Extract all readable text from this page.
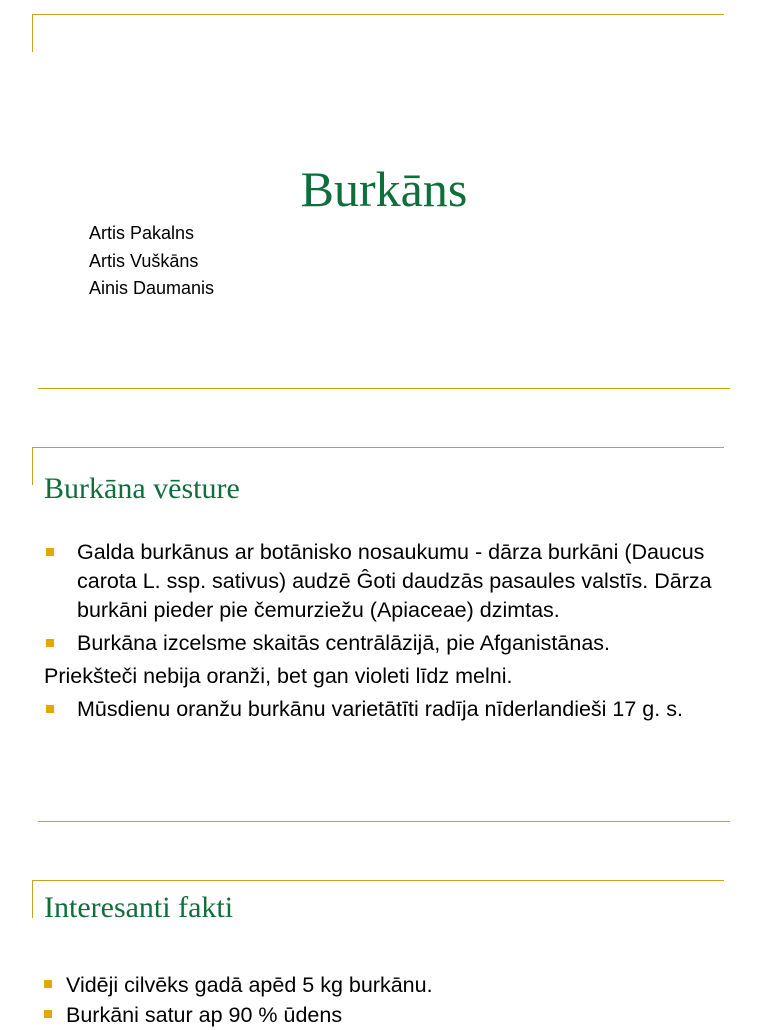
Burkāns
Artis Pakalns
Artis Vuškāns
Ainis Daumanis
Burkāna vēsture
Galda burkānus ar botānisko nosaukumu - dārza burkāni (Daucus carota L. ssp. sativus) audzē Ĝoti daudzās pasaules valstīs. Dārza burkāni pieder pie čemurziežu (Apiaceae) dzimtas.
Burkāna izcelsme skaitās centrālāzijā, pie Afganistānas.
Priekšteči nebija oranži, bet gan violeti līdz melni.
Mūsdienu oranžu burkānu varietātīti radīja nīderlandieši 17 g. s.
Interesanti fakti
Vidēji cilvēks gadā apēd 5 kg burkānu.
Burkāni satur ap 90 % ūdens
